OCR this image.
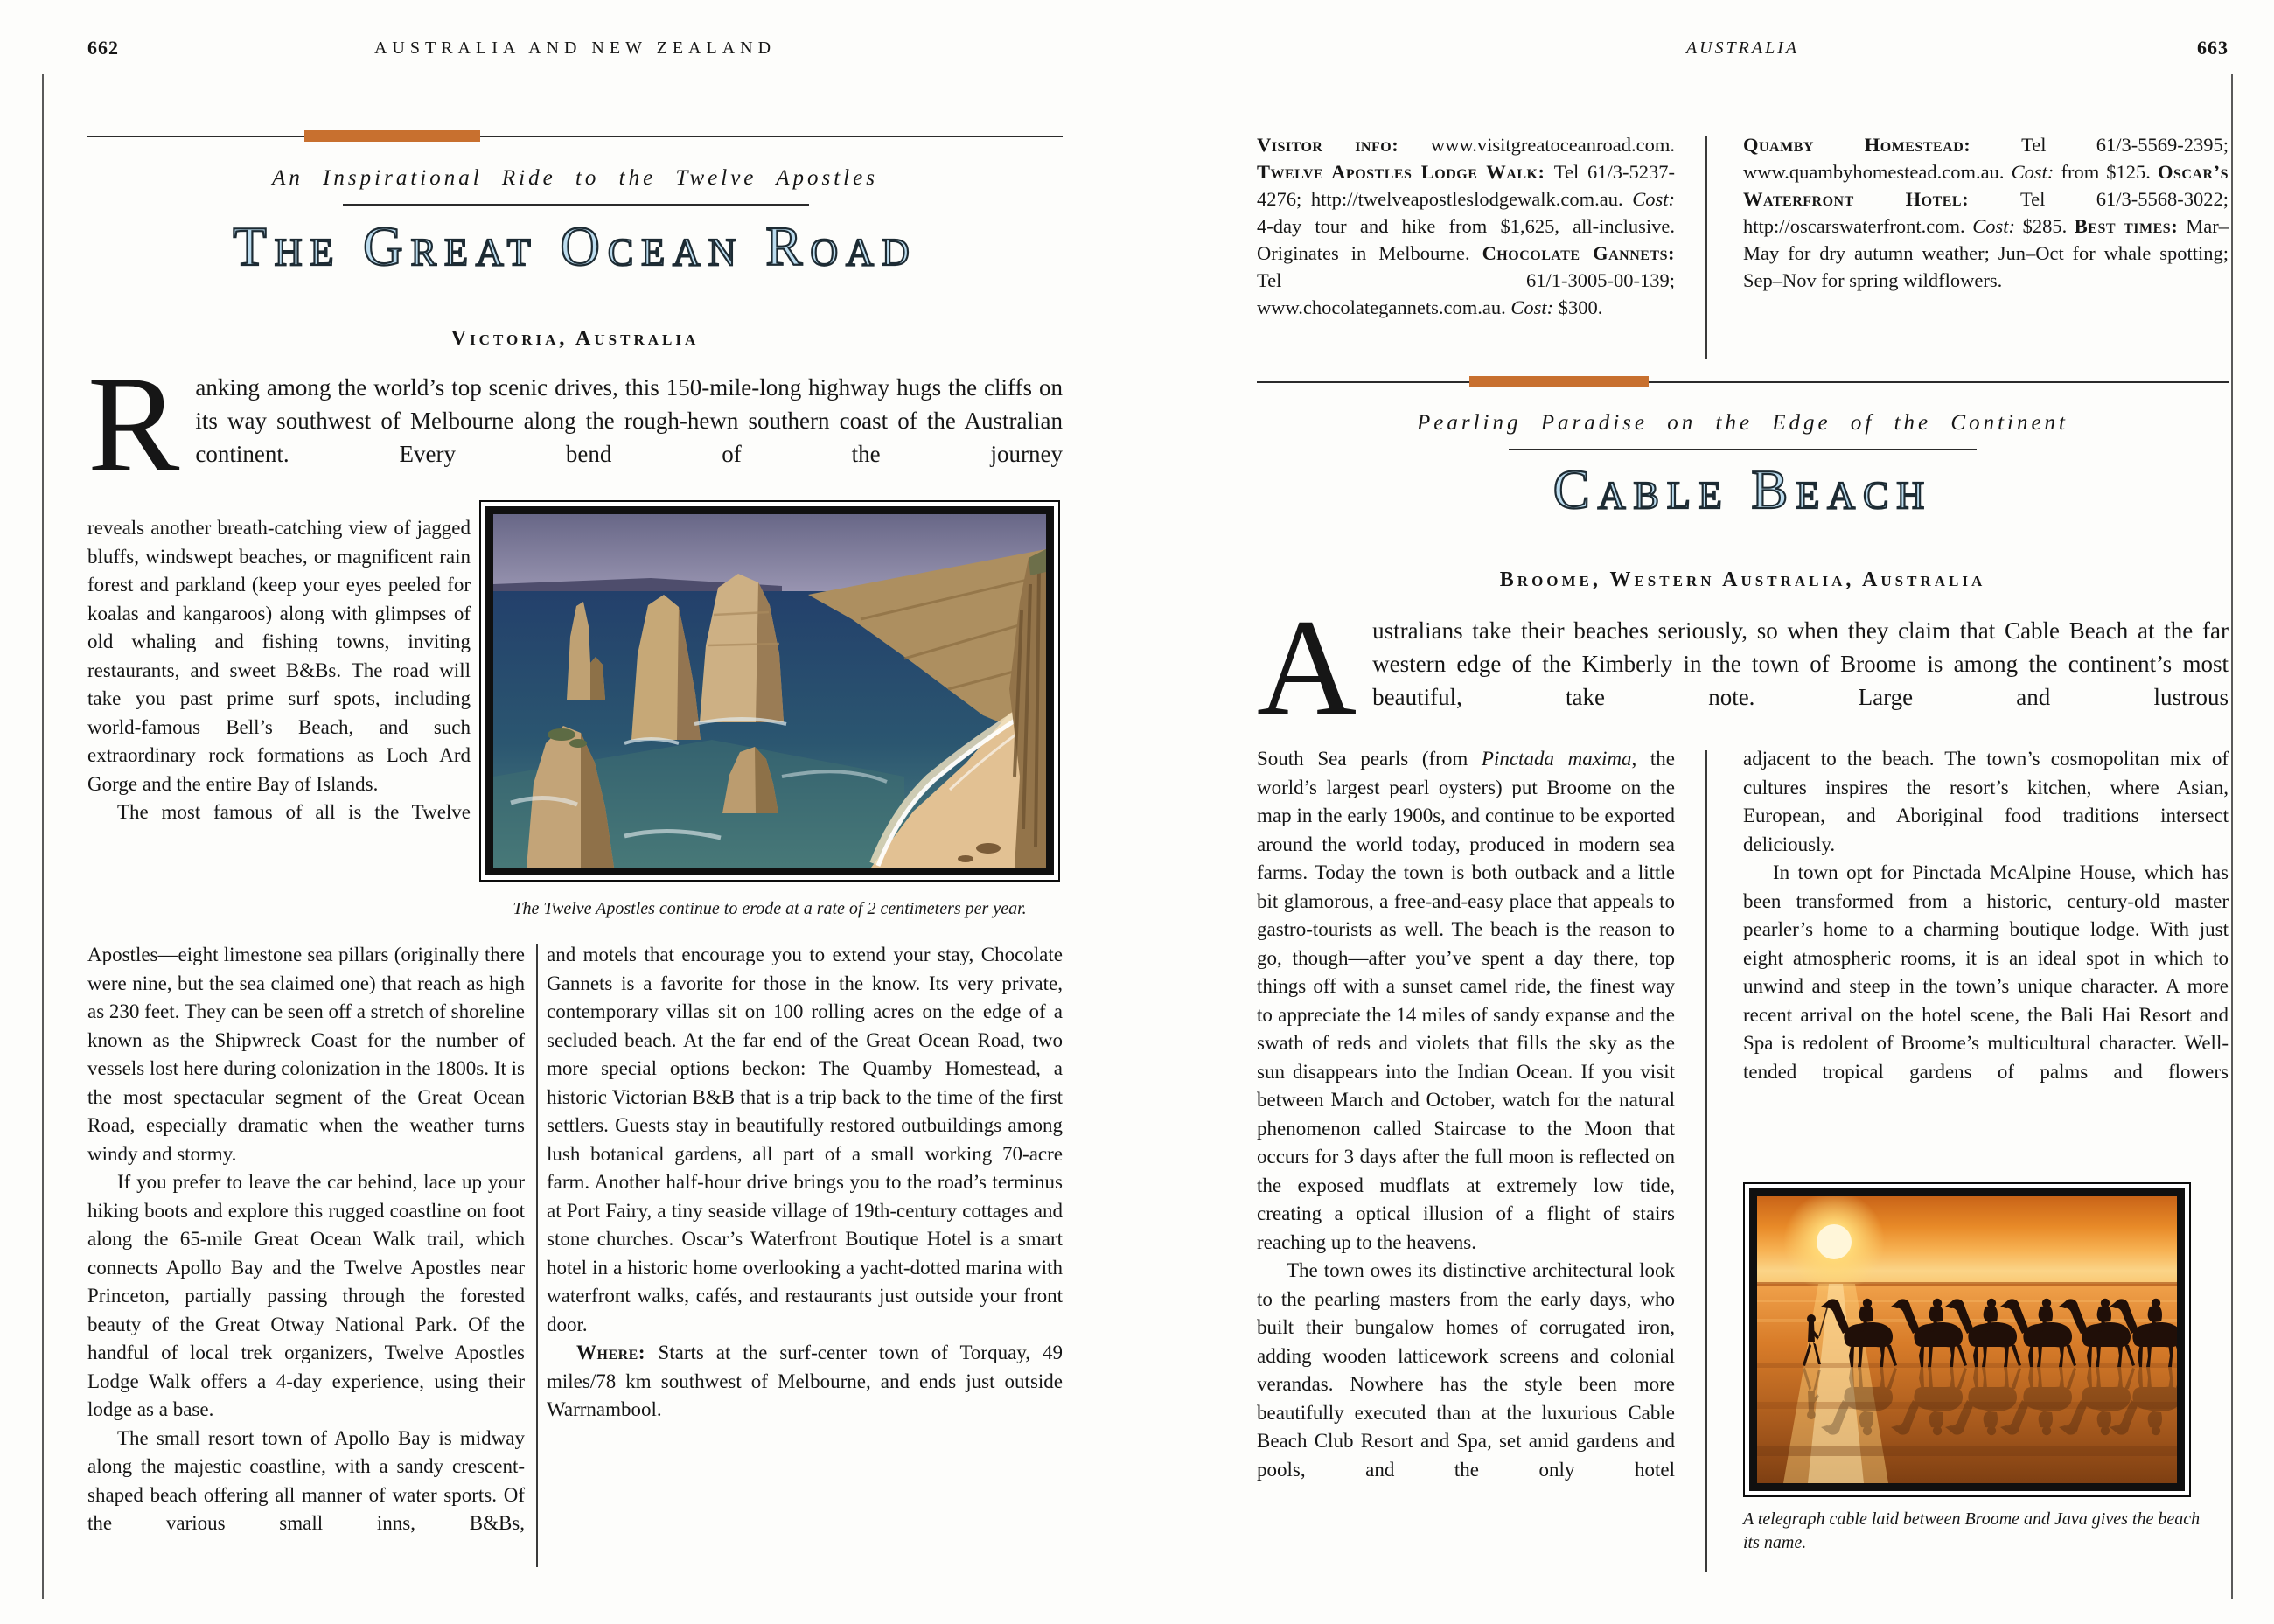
662	AUSTRALIA AND NEW ZEALAND
An Inspirational Ride to the Twelve Apostles
The Great Ocean Road
Victoria, Australia
R anking among the world’s top scenic drives, this 150-mile-long highway hugs the cliffs on its way southwest of Melbourne along the rough-hewn southern coast of the Australian continent. Every bend of the journey

reveals another breath-catching view of jagged bluffs, windswept beaches, or magnificent rain forest and parkland (keep your eyes peeled for koalas and kangaroos) along with glimpses of old whaling and fishing towns, inviting restaurants, and sweet B&Bs. The road will take you past prime surf spots, including world-famous Bell’s Beach, and such extraordinary rock formations as Loch Ard Gorge and the entire Bay of Islands.

The most famous of all is the Twelve

The Twelve Apostles continue to erode at a rate of 2 centimeters per year.

Apostles—eight limestone sea pillars (originally there were nine, but the sea claimed one) that reach as high as 230 feet. They can be seen off a stretch of shoreline known as the Shipwreck Coast for the number of vessels lost here during colonization in the 1800s. It is the most spectacular segment of the Great Ocean Road, especially dramatic when the weather turns windy and stormy.

If you prefer to leave the car behind, lace up your hiking boots and explore this rugged coastline on foot along the 65-mile Great Ocean Walk trail, which connects Apollo Bay and the Twelve Apostles near Princeton, partially passing through the forested beauty of the Great Otway National Park. Of the handful of local trek organizers, Twelve Apostles Lodge Walk offers a 4-day experience, using their lodge as a base.

The small resort town of Apollo Bay is midway along the majestic coastline, with a sandy crescent-shaped beach offering all manner of water sports. Of the various small inns, B&Bs,

and motels that encourage you to extend your stay, Chocolate Gannets is a favorite for those in the know. Its very private, contemporary villas sit on 100 rolling acres on the edge of a secluded beach. At the far end of the Great Ocean Road, two more special options beckon: The Quamby Homestead, a historic Victorian B&B that is a trip back to the time of the first settlers. Guests stay in beautifully restored outbuildings among lush botanical gardens, all part of a small working 70-acre farm. Another half-hour drive brings you to the road’s terminus at Port Fairy, a tiny seaside village of 19th-century cottages and stone churches. Oscar’s Waterfront Boutique Hotel is a smart hotel in a historic home overlooking a yacht-dotted marina with waterfront walks, cafés, and restaurants just outside your front door.

Where: Starts at the surf-center town of Torquay, 49 miles/78 km southwest of Melbourne, and ends just outside Warrnambool.

AUSTRALIA	663

Visitor info: www.visitgreatoceanroad.com. Twelve Apostles Lodge Walk: Tel 61/3-5237-4276; http://twelveapostleslodgewalk.com.au. Cost: 4-day tour and hike from $1,625, all-inclusive. Originates in Melbourne. Chocolate Gannets: Tel 61/1-3005-00-139; www.chocolategannets.com.au. Cost: $300.

Quamby Homestead: Tel 61/3-5569-2395; www.quambyhomestead.com.au. Cost: from $125. Oscar’s Waterfront Hotel: Tel 61/3-5568-3022; http://oscarswaterfront.com. Cost: $285. Best times: Mar–May for dry autumn weather; Jun–Oct for whale spotting; Sep–Nov for spring wildflowers.

Pearling Paradise on the Edge of the Continent
Cable Beach
Broome, Western Australia, Australia
A ustralians take their beaches seriously, so when they claim that Cable Beach at the far western edge of the Kimberly in the town of Broome is among the continent’s most beautiful, take note. Large and lustrous

South Sea pearls (from Pinctada maxima, the world’s largest pearl oysters) put Broome on the map in the early 1900s, and continue to be exported around the world today, produced in modern sea farms. Today the town is both outback and a little bit glamorous, a free-and-easy place that appeals to gastro-tourists as well. The beach is the reason to go, though—after you’ve spent a day there, top things off with a sunset camel ride, the finest way to appreciate the 14 miles of sandy expanse and the swath of reds and violets that fills the sky as the sun disappears into the Indian Ocean. If you visit between March and October, watch for the natural phenomenon called Staircase to the Moon that occurs for 3 days after the full moon is reflected on the exposed mudflats at extremely low tide, creating a optical illusion of a flight of stairs reaching up to the heavens.

The town owes its distinctive architectural look to the pearling masters from the early days, who built their bungalow homes of corrugated iron, adding wooden latticework screens and colonial verandas. Nowhere has the style been more beautifully executed than at the luxurious Cable Beach Club Resort and Spa, set amid gardens and pools, and the only hotel

adjacent to the beach. The town’s cosmopolitan mix of cultures inspires the resort’s kitchen, where Asian, European, and Aboriginal food traditions intersect deliciously.

In town opt for Pinctada McAlpine House, which has been transformed from a historic, century-old master pearler’s home to a charming boutique lodge. With just eight atmospheric rooms, it is an ideal spot in which to unwind and steep in the town’s unique character. A more recent arrival on the hotel scene, the Bali Hai Resort and Spa is redolent of Broome’s multicultural character. Well-tended tropical gardens of palms and flowers

A telegraph cable laid between Broome and Java gives the beach its name.
